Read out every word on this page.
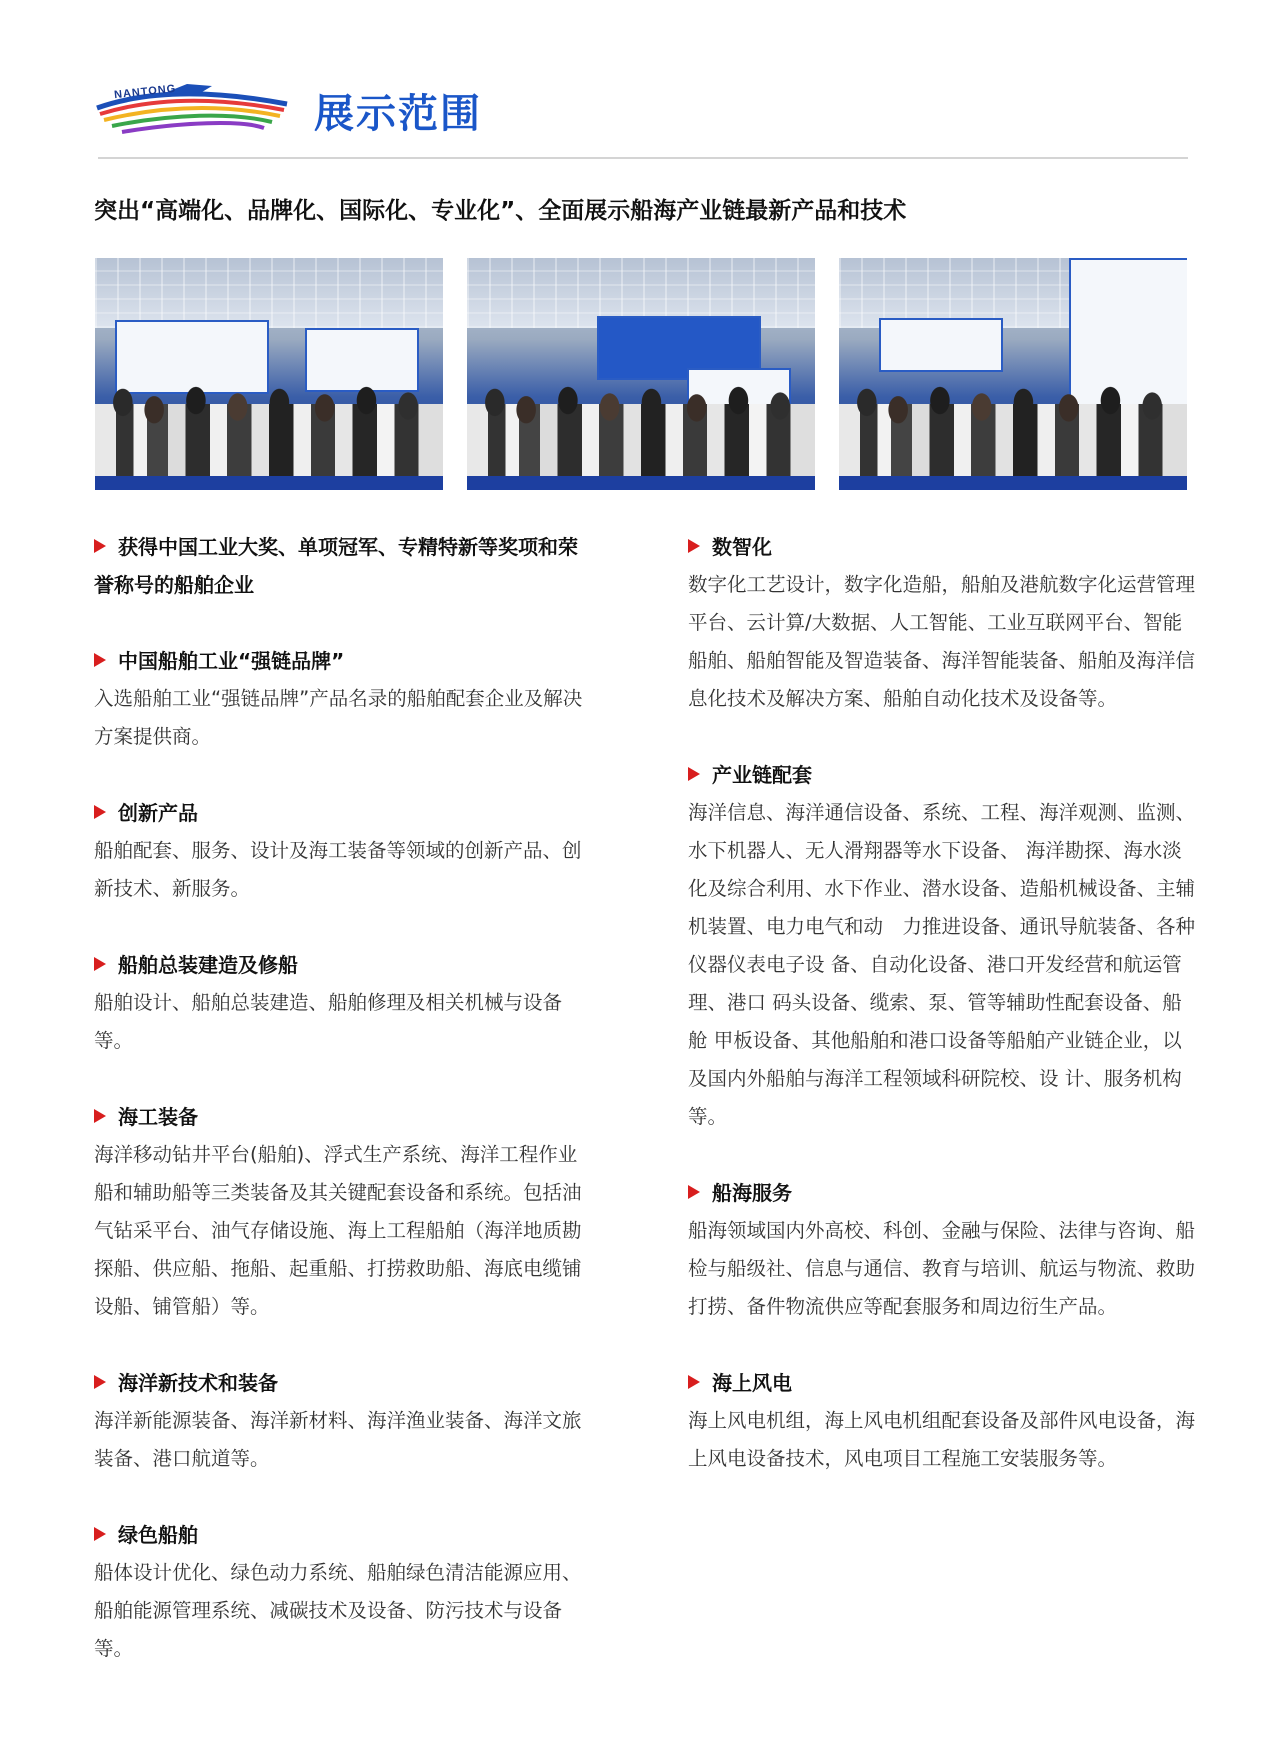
NANTONG	展示范围
突出“高端化、品牌化、国际化、专业化”、全面展示船海产业链最新产品和技术

获得中国工业大奖、单项冠军、专精特新等奖项和荣誉称号的船舶企业

中国船舶工业“强链品牌”

入选船舶工业“强链品牌”产品名录的船舶配套企业及解决方案提供商。

创新产品

船舶配套、服务、设计及海工装备等领域的创新产品、创新技术、新服务。

船舶总装建造及修船

船舶设计、船舶总装建造、船舶修理及相关机械与设备等。

海工装备

海洋移动钻井平台(船舶)、浮式生产系统、海洋工程作业船和辅助船等三类装备及其关键配套设备和系统。包括油 气钻采平台、油气存储设施、海上工程船舶（海洋地质勘探船、供应船、拖船、起重船、打捞救助船、海底电缆铺 设船、铺管船）等。

海洋新技术和装备

海洋新能源装备、海洋新材料、海洋渔业装备、海洋文旅装备、港口航道等。

绿色船舶

船体设计优化、绿色动力系统、船舶绿色清洁能源应用、船舶能源管理系统、减碳技术及设备、防污技术与设备等。

数智化

数字化工艺设计，数字化造船，船舶及港航数字化运营管理平台、云计算/大数据、人工智能、工业互联网平台、智能船舶、船舶智能及智造装备、海洋智能装备、船舶及海洋信息化技术及解决方案、船舶自动化技术及设备等。

产业链配套

海洋信息、海洋通信设备、系统、工程、海洋观测、监测、水下机器人、无人滑翔器等水下设备、 海洋勘探、海水淡化及综合利用、水下作业、潜水设备、造船机械设备、主辅机装置、电力电气和动　力推进设备、通讯导航装备、各种仪器仪表电子设 备、自动化设备、港口开发经营和航运管理、港口 码头设备、缆索、泵、管等辅助性配套设备、船舱 甲板设备、其他船舶和港口设备等船舶产业链企业，以及国内外船舶与海洋工程领域科研院校、设 计、服务机构等。

船海服务

船海领域国内外高校、科创、金融与保险、法律与咨询、船检与船级社、信息与通信、教育与培训、航运与物流、救助打捞、备件物流供应等配套服务和周边衍生产品。

海上风电

海上风电机组，海上风电机组配套设备及部件风电设备，海上风电设备技术，风电项目工程施工安装服务等。
